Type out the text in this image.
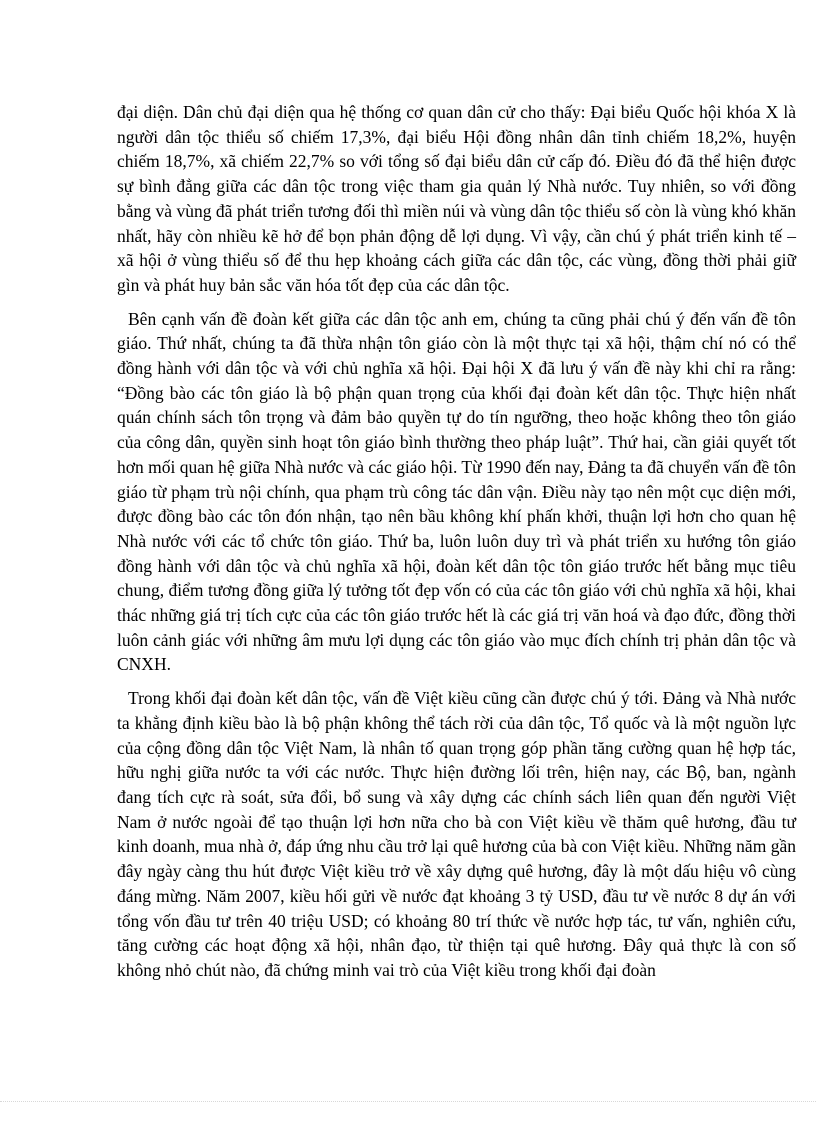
đại diện. Dân chủ đại diện qua hệ thống cơ quan dân cử cho thấy: Đại biểu Quốc hội khóa X là người dân tộc thiểu số chiếm 17,3%, đại biểu Hội đồng nhân dân tỉnh chiếm 18,2%, huyện chiếm 18,7%, xã chiếm 22,7% so với tổng số đại biểu dân cử cấp đó. Điều đó đã thể hiện được sự bình đẳng giữa các dân tộc trong việc tham gia quản lý Nhà nước. Tuy nhiên, so với đồng bằng và vùng đã phát triển tương đối thì miền núi và vùng dân tộc thiểu số còn là vùng khó khăn nhất, hãy còn nhiều kẽ hở để bọn phản động dễ lợi dụng. Vì vậy, cần chú ý phát triển kinh tế – xã hội ở vùng thiểu số để thu hẹp khoảng cách giữa các dân tộc, các vùng, đồng thời phải giữ gìn và phát huy bản sắc văn hóa tốt đẹp của các dân tộc.

Bên cạnh vấn đề đoàn kết giữa các dân tộc anh em, chúng ta cũng phải chú ý đến vấn đề tôn giáo. Thứ nhất, chúng ta đã thừa nhận tôn giáo còn là một thực tại xã hội, thậm chí nó có thể đồng hành với dân tộc và với chủ nghĩa xã hội. Đại hội X đã lưu ý vấn đề này khi chỉ ra rằng: “Đồng bào các tôn giáo là bộ phận quan trọng của khối đại đoàn kết dân tộc. Thực hiện nhất quán chính sách tôn trọng và đảm bảo quyền tự do tín ngưỡng, theo hoặc không theo tôn giáo của công dân, quyền sinh hoạt tôn giáo bình thường theo pháp luật”. Thứ hai, cần giải quyết tốt hơn mối quan hệ giữa Nhà nước và các giáo hội. Từ 1990 đến nay, Đảng ta đã chuyển vấn đề tôn giáo từ phạm trù nội chính, qua phạm trù công tác dân vận. Điều này tạo nên một cục diện mới, được đồng bào các tôn đón nhận, tạo nên bầu không khí phấn khởi, thuận lợi hơn cho quan hệ Nhà nước với các tổ chức tôn giáo. Thứ ba, luôn luôn duy trì và phát triển xu hướng tôn giáo đồng hành với dân tộc và chủ nghĩa xã hội, đoàn kết dân tộc tôn giáo trước hết bằng mục tiêu chung, điểm tương đồng giữa lý tưởng tốt đẹp vốn có của các tôn giáo với chủ nghĩa xã hội, khai thác những giá trị tích cực của các tôn giáo trước hết là các giá trị văn hoá và đạo đức, đồng thời luôn cảnh giác với những âm mưu lợi dụng các tôn giáo vào mục đích chính trị phản dân tộc và CNXH.

Trong khối đại đoàn kết dân tộc, vấn đề Việt kiều cũng cần được chú ý tới. Đảng và Nhà nước ta khẳng định kiều bào là bộ phận không thể tách rời của dân tộc, Tổ quốc và là một nguồn lực của cộng đồng dân tộc Việt Nam, là nhân tố quan trọng góp phần tăng cường quan hệ hợp tác, hữu nghị giữa nước ta với các nước. Thực hiện đường lối trên, hiện nay, các Bộ, ban, ngành đang tích cực rà soát, sửa đổi, bổ sung và xây dựng các chính sách liên quan đến người Việt Nam ở nước ngoài để tạo thuận lợi hơn nữa cho bà con Việt kiều về thăm quê hương, đầu tư kinh doanh, mua nhà ở, đáp ứng nhu cầu trở lại quê hương của bà con Việt kiều. Những năm gần đây ngày càng thu hút được Việt kiều trở về xây dựng quê hương, đây là một dấu hiệu vô cùng đáng mừng. Năm 2007, kiều hối gửi về nước đạt khoảng 3 tỷ USD, đầu tư về nước 8 dự án với tổng vốn đầu tư trên 40 triệu USD; có khoảng 80 trí thức về nước hợp tác, tư vấn, nghiên cứu, tăng cường các hoạt động xã hội, nhân đạo, từ thiện tại quê hương. Đây quả thực là con số không nhỏ chút nào, đã chứng minh vai trò của Việt kiều trong khối đại đoàn
